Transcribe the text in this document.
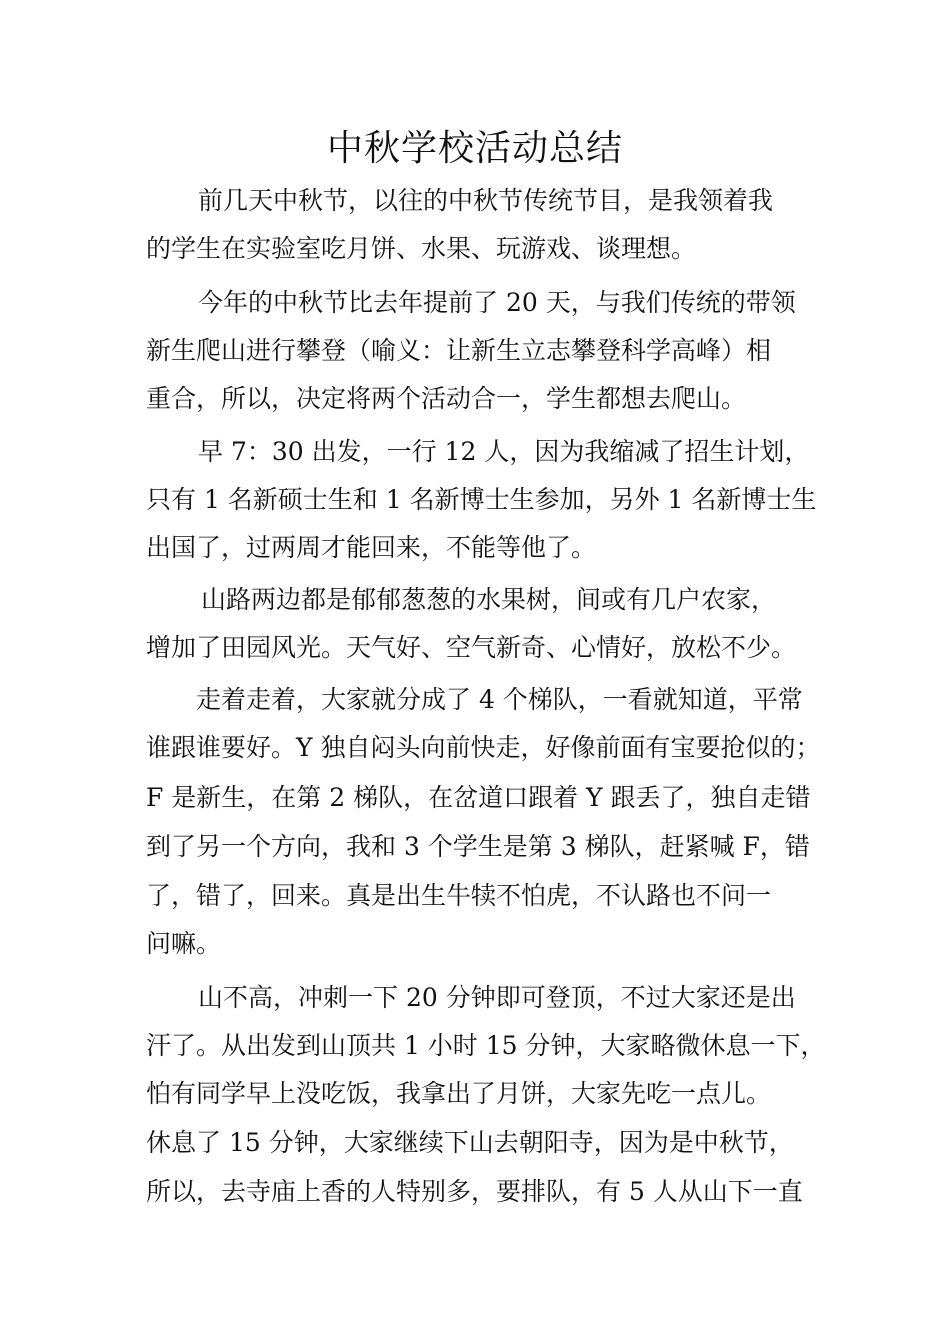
中秋学校活动总结

前几天中秋节，以往的中秋节传统节目，是我领着我

的学生在实验室吃月饼、水果、玩游戏、谈理想。

今年的中秋节比去年提前了 20 天，与我们传统的带领

新生爬山进行攀登（喻义：让新生立志攀登科学高峰）相

重合，所以，决定将两个活动合一，学生都想去爬山。

早 7：30 出发，一行 12 人，因为我缩减了招生计划，

只有 1 名新硕士生和 1 名新博士生参加，另外 1 名新博士生

出国了，过两周才能回来，不能等他了。

山路两边都是郁郁葱葱的水果树，间或有几户农家，

增加了田园风光。天气好、空气新奇、心情好，放松不少。

走着走着，大家就分成了 4 个梯队，一看就知道，平常

谁跟谁要好。Y 独自闷头向前快走，好像前面有宝要抢似的；

F 是新生，在第 2 梯队，在岔道口跟着 Y 跟丢了，独自走错

到了另一个方向，我和 3 个学生是第 3 梯队，赶紧喊 F，错

了，错了，回来。真是出生牛犊不怕虎，不认路也不问一

问嘛。

山不高，冲刺一下 20 分钟即可登顶，不过大家还是出

汗了。从出发到山顶共 1 小时 15 分钟，大家略微休息一下，

怕有同学早上没吃饭，我拿出了月饼，大家先吃一点儿。

休息了 15 分钟，大家继续下山去朝阳寺，因为是中秋节，

所以，去寺庙上香的人特别多，要排队，有 5 人从山下一直
